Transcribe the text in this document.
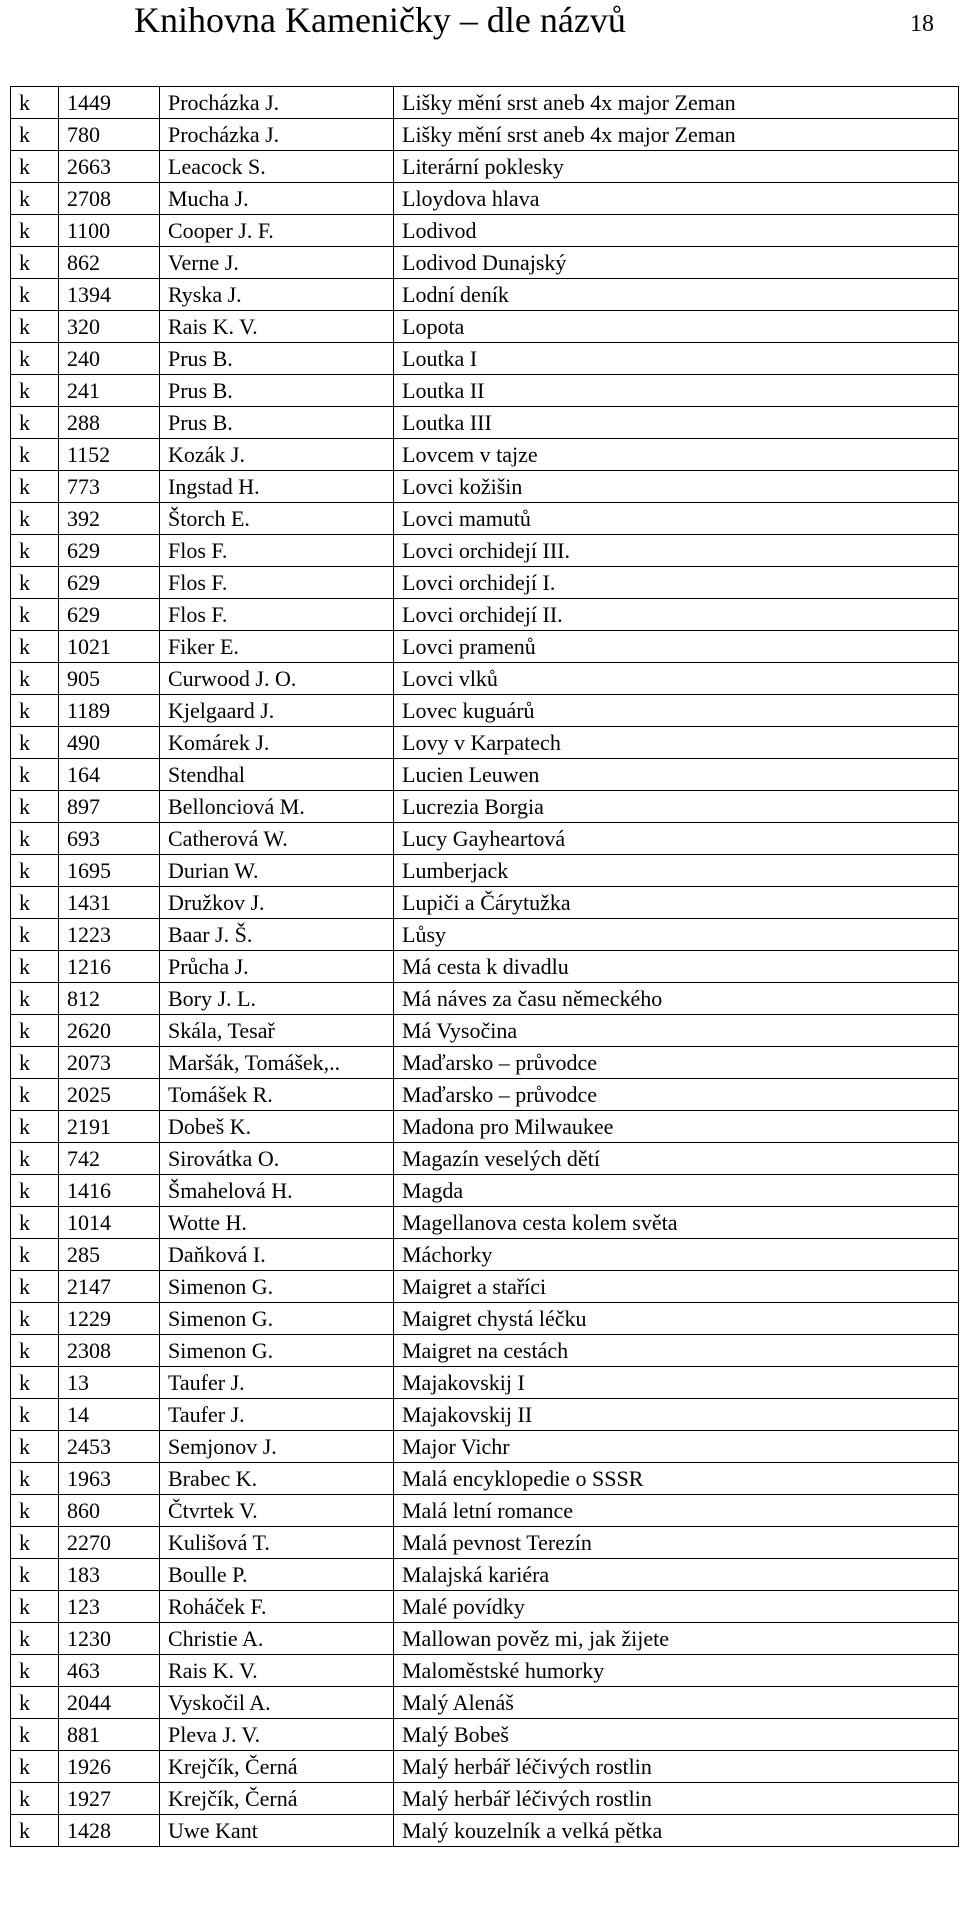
Knihovna Kameničky – dle názvů	18
k	1449	Procházka J.	Lišky mění srst aneb 4x major Zeman
k	780	Procházka J.	Lišky mění srst aneb 4x major Zeman
k	2663	Leacock S.	Literární poklesky
k	2708	Mucha J.	Lloydova hlava
k	1100	Cooper J. F.	Lodivod
k	862	Verne J.	Lodivod Dunajský
k	1394	Ryska J.	Lodní deník
k	320	Rais K. V.	Lopota
k	240	Prus B.	Loutka I
k	241	Prus B.	Loutka II
k	288	Prus B.	Loutka III
k	1152	Kozák J.	Lovcem v tajze
k	773	Ingstad H.	Lovci kožišin
k	392	Štorch E.	Lovci mamutů
k	629	Flos F.	Lovci orchidejí III.
k	629	Flos F.	Lovci orchidejí I.
k	629	Flos F.	Lovci orchidejí II.
k	1021	Fiker E.	Lovci pramenů
k	905	Curwood J. O.	Lovci vlků
k	1189	Kjelgaard J.	Lovec kuguárů
k	490	Komárek J.	Lovy v Karpatech
k	164	Stendhal	Lucien Leuwen
k	897	Bellonciová M.	Lucrezia Borgia
k	693	Catherová W.	Lucy Gayheartová
k	1695	Durian W.	Lumberjack
k	1431	Družkov J.	Lupiči a Čárytužka
k	1223	Baar J. Š.	Lůsy
k	1216	Průcha J.	Má cesta k divadlu
k	812	Bory J. L.	Má náves za času německého
k	2620	Skála, Tesař	Má Vysočina
k	2073	Maršák, Tomášek,..	Maďarsko – průvodce
k	2025	Tomášek R.	Maďarsko – průvodce
k	2191	Dobeš K.	Madona pro Milwaukee
k	742	Sirovátka O.	Magazín veselých dětí
k	1416	Šmahelová H.	Magda
k	1014	Wotte H.	Magellanova cesta kolem světa
k	285	Daňková I.	Máchorky
k	2147	Simenon G.	Maigret a staříci
k	1229	Simenon G.	Maigret chystá léčku
k	2308	Simenon G.	Maigret na cestách
k	13	Taufer J.	Majakovskij I
k	14	Taufer J.	Majakovskij II
k	2453	Semjonov J.	Major Vichr
k	1963	Brabec K.	Malá encyklopedie o SSSR
k	860	Čtvrtek V.	Malá letní romance
k	2270	Kulišová T.	Malá pevnost Terezín
k	183	Boulle P.	Malajská kariéra
k	123	Roháček F.	Malé povídky
k	1230	Christie A.	Mallowan pověz mi, jak žijete
k	463	Rais K. V.	Maloměstské humorky
k	2044	Vyskočil A.	Malý Alenáš
k	881	Pleva J. V.	Malý Bobeš
k	1926	Krejčík, Černá	Malý herbář léčivých rostlin
k	1927	Krejčík, Černá	Malý herbář léčivých rostlin
k	1428	Uwe Kant	Malý kouzelník a velká pětka
